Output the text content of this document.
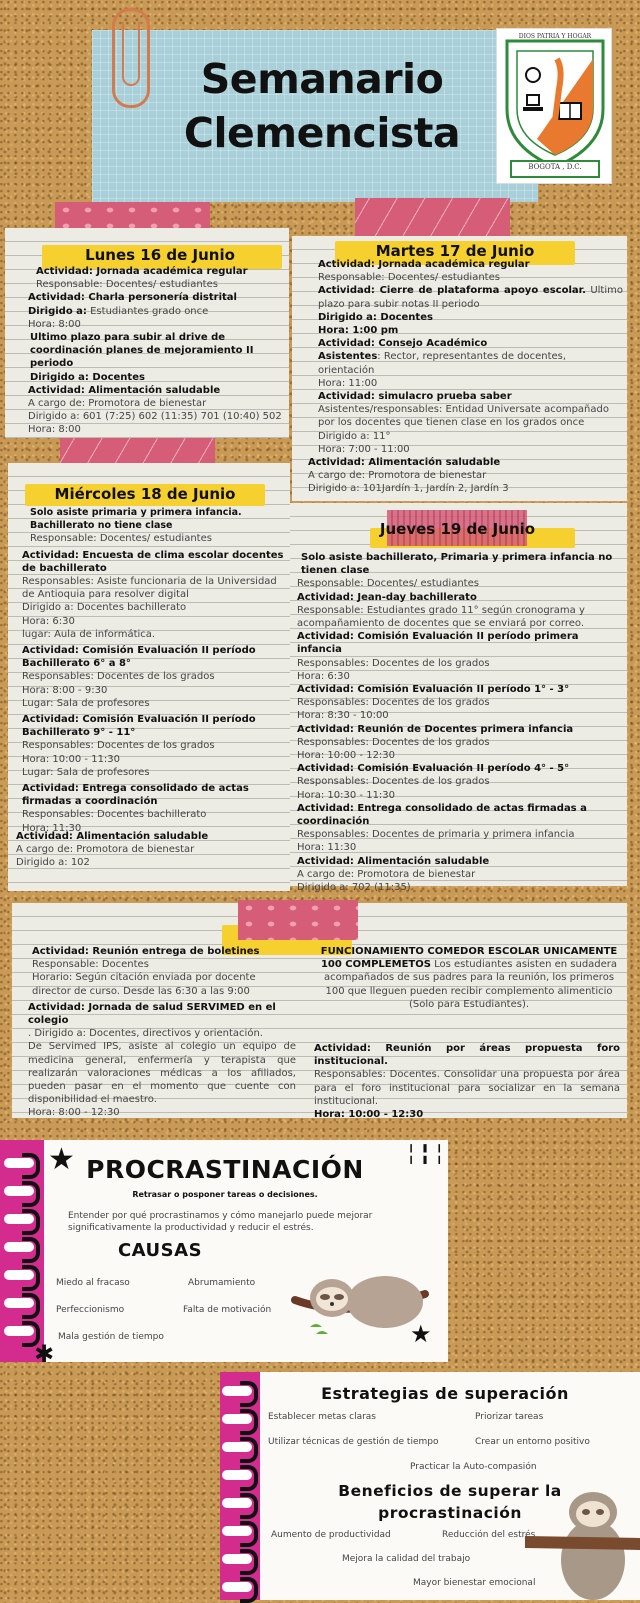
Semanario
Clemencista
BOGOTA , D.C.
DIOS PATRIA Y HOGAR
Lunes 16 de Junio
Actividad: Jornada académica regular
Responsable: Docentes/ estudiantes
Actividad: Charla personería distrital
Dirigido a: Estudiantes grado once
Hora: 8:00
Ultimo plazo para subir al drive de coordinación planes de mejoramiento II periodo
Dirigido a: Docentes
Actividad: Alimentación saludable
A cargo de: Promotora de bienestar
Dirigido a: 601 (7:25) 602 (11:35) 701 (10:40) 502
Hora: 8:00
Martes 17 de Junio
Actividad: Jornada académica regular
Responsable: Docentes/ estudiantes
Actividad: Cierre de plataforma apoyo escolar. Ultimo plazo para subir notas II periodo
Dirigido a: Docentes
Hora: 1:00 pm
Actividad: Consejo Académico
Asistentes: Rector, representantes de docentes, orientación
Hora: 11:00
Actividad: simulacro prueba saber
Asistentes/responsables: Entidad Universate acompañado por los docentes que tienen clase en los grados once
Dirigido a: 11°
Hora: 7:00 - 11:00
Actividad: Alimentación saludable
A cargo de: Promotora de bienestar
Dirigido a: 101Jardín 1, Jardín 2, Jardín 3
Miércoles 18 de Junio
Solo asiste primaria y primera infancia. Bachillerato no tiene clase
Responsable: Docentes/ estudiantes
Actividad: Encuesta de clima escolar docentes de bachillerato
Responsables: Asiste funcionaria de la Universidad de Antioquia para resolver digital
Dirigido a: Docentes bachillerato
Hora: 6:30
lugar: Aula de informática.
Actividad: Comisión Evaluación II período Bachillerato 6° a 8°
Responsables: Docentes de los grados
Hora: 8:00 - 9:30
Lugar: Sala de profesores
Actividad: Comisión Evaluación II período Bachillerato 9° - 11°
Responsables: Docentes de los grados
Hora: 10:00 - 11:30
Lugar: Sala de profesores
Actividad: Entrega consolidado de actas firmadas a coordinación
Responsables: Docentes bachillerato
Hora: 11:30
Actividad: Alimentación saludable
A cargo de: Promotora de bienestar
Dirigido a: 102
Jueves 19 de Junio
Solo asiste bachillerato, Primaria y primera infancia no tienen clase
Responsable: Docentes/ estudiantes
Actividad: Jean-day bachillerato
Responsable: Estudiantes grado 11° según cronograma y acompañamiento de docentes que se enviará por correo.
Actividad: Comisión Evaluación II período primera infancia
Responsables: Docentes de los grados
Hora: 6:30
Actividad: Comisión Evaluación II período 1° - 3°
Responsables: Docentes de los grados
Hora: 8:30 - 10:00
Actividad: Reunión de Docentes primera infancia
Responsables: Docentes de los grados
Hora: 10:00 - 12:30
Actividad: Comisión Evaluación II período 4° - 5°
Responsables: Docentes de los grados
Hora: 10:30 - 11:30
Actividad: Entrega consolidado de actas firmadas a coordinación
Responsables: Docentes de primaria y primera infancia
Hora: 11:30
Actividad: Alimentación saludable
A cargo de: Promotora de bienestar
Dirigido a: 702 (11:35)
Actividad: Reunión entrega de boletines
Responsable: Docentes
Horario: Según citación enviada por docente director de curso. Desde las 6:30 a las 9:00
Actividad: Jornada de salud SERVIMED en el colegio
. Dirigido a: Docentes, directivos y orientación.
De Servimed IPS, asiste al colegio un equipo de medicina general, enfermería y terapista que realizarán valoraciones médicas a los afiliados, pueden pasar en el momento que cuente con disponibilidad el maestro.
Hora: 8:00 - 12:30
FUNCIONAMIENTO COMEDOR ESCOLAR UNICAMENTE 100 COMPLEMETOS Los estudiantes asisten en sudadera acompañados de sus padres para la reunión, los primeros 100 que lleguen pueden recibir complemento alimenticio (Solo para Estudiantes).
Actividad: Reunión por áreas propuesta foro institucional.
Responsables: Docentes. Consolidar una propuesta por área para el foro institucional para socializar en la semana institucional.
Hora: 10:00 - 12:30
★	╎╏╎
PROCRASTINACIÓN
Retrasar o posponer tareas o decisiones.
Entender por qué procrastinamos y cómo manejarlo puede mejorar significativamente la productividad y reducir el estrés.
CAUSAS
Miedo al fracaso	Abrumamiento
Perfeccionismo	Falta de motivación
Mala gestión de tiempo	★
✱
Estrategias de superación
Establecer metas claras	Priorizar tareas
Utilizar técnicas de gestión de tiempo	Crear un entorno positivo
Practicar la Auto-compasión
Beneficios de superar la
procrastinación
Aumento de productividad	Reducción del estrés
Mejora la calidad del trabajo
Mayor bienestar emocional
